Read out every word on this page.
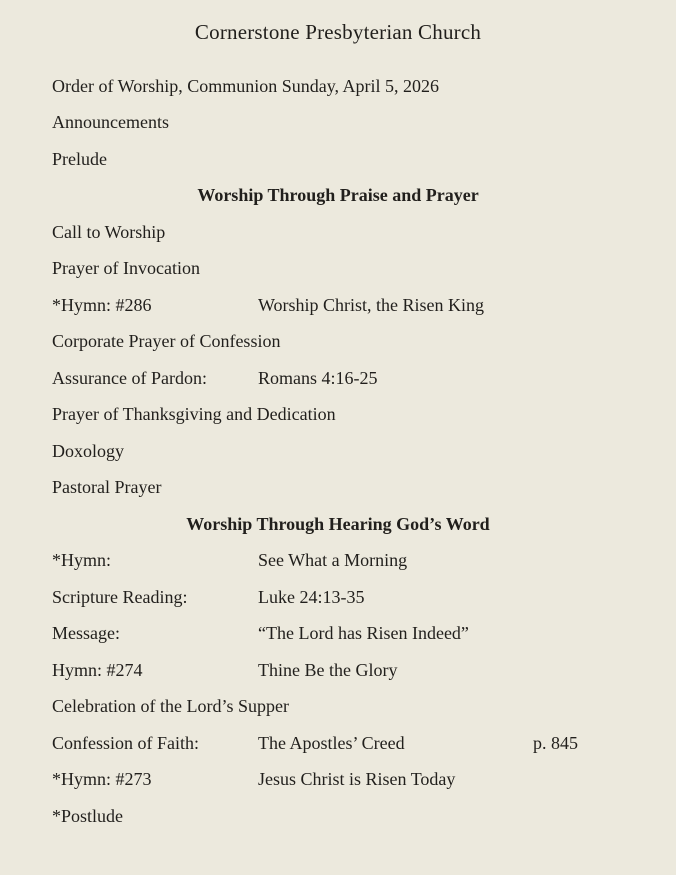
Cornerstone Presbyterian Church
Order of Worship, Communion Sunday, April 5, 2026
Announcements
Prelude
Worship Through Praise and Prayer
Call to Worship
Prayer of Invocation
*Hymn: #286	Worship Christ, the Risen King
Corporate Prayer of Confession
Assurance of Pardon:	Romans 4:16-25
Prayer of Thanksgiving and Dedication
Doxology
Pastoral Prayer
Worship Through Hearing God’s Word
*Hymn:	See What a Morning
Scripture Reading:	Luke 24:13-35
Message:	“The Lord has Risen Indeed”
Hymn: #274	Thine Be the Glory
Celebration of the Lord’s Supper
Confession of Faith:	The Apostles’ Creed	p. 845
*Hymn: #273	Jesus Christ is Risen Today
*Postlude
